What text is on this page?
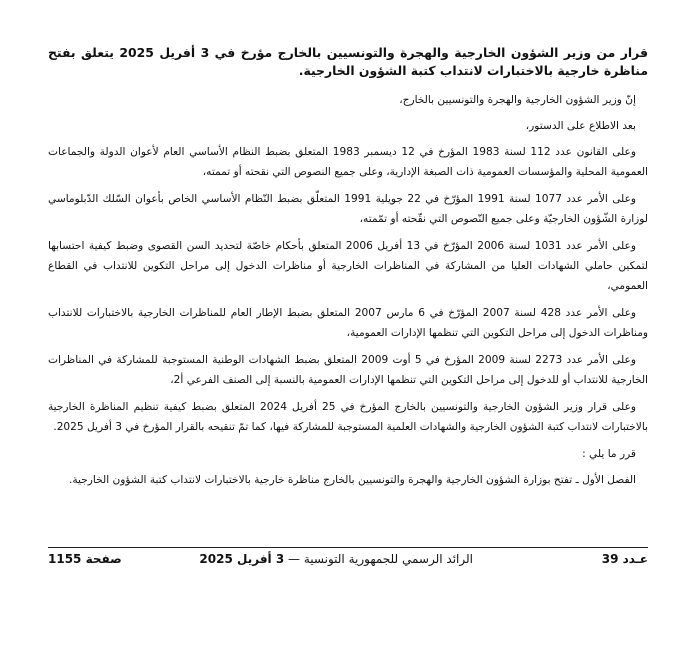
قرار من وزير الشؤون الخارجية والهجرة والتونسيين بالخارج مؤرخ في 3 أفريل 2025 يتعلق بفتح مناظرة خارجية بالاختبارات لانتداب كتبة الشؤون الخارجية.

إنّ وزير الشؤون الخارجية والهجرة والتونسيين بالخارج،

بعد الاطلاع على الدستور،

وعلى القانون عدد 112 لسنة 1983 المؤرخ في 12 ديسمبر 1983 المتعلق بضبط النظام الأساسي العام لأعوان الدولة والجماعات العمومية المحلية والمؤسسات العمومية ذات الصبغة الإدارية، وعلى جميع النصوص التي نقحته أو تممته،

وعلى الأمر عدد 1077 لسنة 1991 المؤرّخ في 22 جويلية 1991 المتعلّق بضبط النّظام الأساسي الخاص بأعوان السّلك الدّبلوماسي لوزارة الشّؤون الخارجيّة وعلى جميع النّصوص التي نقّحته أو تمّمته،

وعلى الأمر عدد 1031 لسنة 2006 المؤرّخ في 13 أفريل 2006 المتعلق بأحكام خاصّة لتحديد السن القصوى وضبط كيفية احتسابها لتمكين حاملي الشهادات العليا من المشاركة في المناظرات الخارجية أو مناظرات الدخول إلى مراحل التكوين للانتداب في القطاع العمومي،

وعلى الأمر عدد 428 لسنة 2007 المؤرّخ في 6 مارس 2007 المتعلق بضبط الإطار العام للمناظرات الخارجية بالاختبارات للانتداب ومناظرات الدخول إلى مراحل التكوين التي تنظمها الإدارات العمومية،

وعلى الأمر عدد 2273 لسنة 2009 المؤرخ في 5 أوت 2009 المتعلق بضبط الشهادات الوطنية المستوجبة للمشاركة في المناظرات الخارجية للانتداب أو للدخول إلى مراحل التكوين التي تنظمها الإدارات العمومية بالنسبة إلى الصنف الفرعي أ2،

وعلى قرار وزير الشؤون الخارجية والتونسيين بالخارج المؤرخ في 25 أفريل 2024 المتعلق بضبط كيفية تنظيم المناظرة الخارجية بالاختبارات لانتداب كتبة الشؤون الخارجية والشهادات العلمية المستوجبة للمشاركة فيها، كما تمّ تنقيحه بالقرار المؤرخ في 3 أفريل 2025.

قرر ما يلي :

الفصل الأول ـ تفتح بوزارة الشؤون الخارجية والهجرة والتونسيين بالخارج مناظرة خارجية بالاختبارات لانتداب كتبة الشؤون الخارجية.

عـدد 39
الرائد الرسمي للجمهورية التونسية — 3 أفريل 2025
صفحة 1155
